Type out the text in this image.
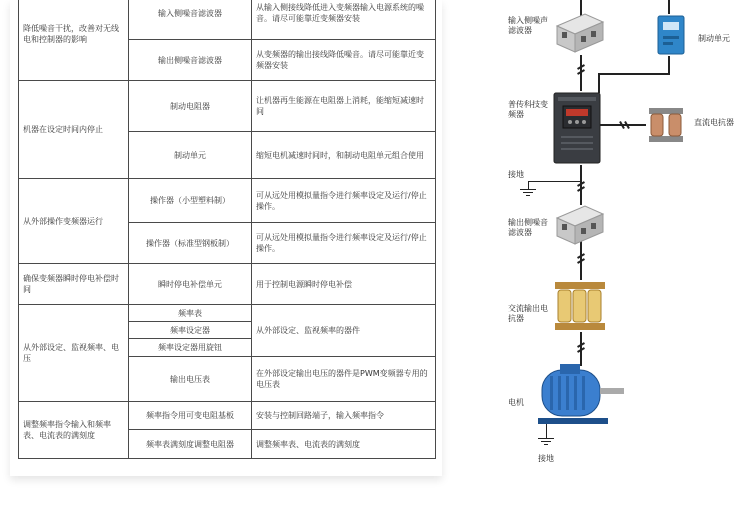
降低噪音干扰，改善对无线电和控制器的影响	输入侧噪音滤波器	从输入侧接线降低进入变频器输入电源系统的噪音。请尽可能靠近变频器安装
	输出侧噪音滤波器	从变频器的输出接线降低噪音。请尽可能靠近变频器安装
机器在设定时间内停止	制动电阻器	让机器再生能源在电阻器上消耗，能缩短减速时间
	制动单元	缩短电机减速时间时，和制动电阻单元组合使用
从外部操作变频器运行	操作器（小型塑料制）	可从远处用模拟量指令进行频率设定及运行/停止操作。
	操作器（标准型钢板制）	可从远处用模拟量指令进行频率设定及运行/停止操作。
确保变频器瞬时停电补偿时间	瞬时停电补偿单元	用于控制电源瞬时停电补偿
从外部设定、监视频率、电压	频率表	从外部设定、监视频率的器件
	频率设定器	
	频率设定器用旋钮	
	输出电压表	在外部设定输出电压的器件是PWM变频器专用的电压表
调整频率指令输入和频率表、电流表的满刻度	频率指令用可变电阻基板	安装与控制回路端子，输入频率指令
	频率表满刻度调整电阻器	调整频率表、电流表的满刻度
输入侧噪声滤波器
制动单元
普传科技变频器
直流电抗器
接地
输出侧噪音滤波器
交流输出电抗器
电机
接地
